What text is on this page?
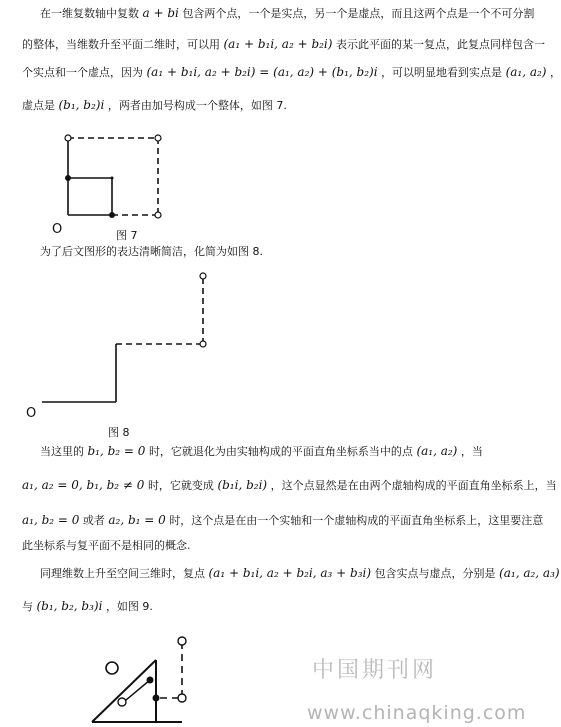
在一维复数轴中复数 a + bi 包含两个点，一个是实点，另一个是虚点，而且这两个点是一个不可分割
的整体，当维数升至平面二维时，可以用 (a₁ + b₁i, a₂ + b₂i) 表示此平面的某一复点，此复点同样包含一
个实点和一个虚点，因为 (a₁ + b₁i, a₂ + b₂i) = (a₁, a₂) + (b₁, b₂)i ，可以明显地看到实点是 (a₁, a₂) ，
虚点是 (b₁, b₂)i ，两者由加号构成一个整体，如图 7.
O	图 7
为了后文图形的表达清晰简洁，化简为如图 8.
O
图 8
当这里的 b₁, b₂ = 0 时，它就退化为由实轴构成的平面直角坐标系当中的点 (a₁, a₂) ，当
a₁, a₂ = 0, b₁, b₂ ≠ 0 时，它就变成 (b₁i, b₂i) ，这个点显然是在由两个虚轴构成的平面直角坐标系上，当
a₁, b₂ = 0 或者 a₂, b₁ = 0 时，这个点是在由一个实轴和一个虚轴构成的平面直角坐标系上，这里要注意
此坐标系与复平面不是相同的概念.
同理维数上升至空间三维时，复点 (a₁ + b₁i, a₂ + b₂i, a₃ + b₃i) 包含实点与虚点，分别是 (a₁, a₂, a₃)
与 (b₁, b₂, b₃)i ，如图 9.
中国期刊网
www.chinaqking.com
